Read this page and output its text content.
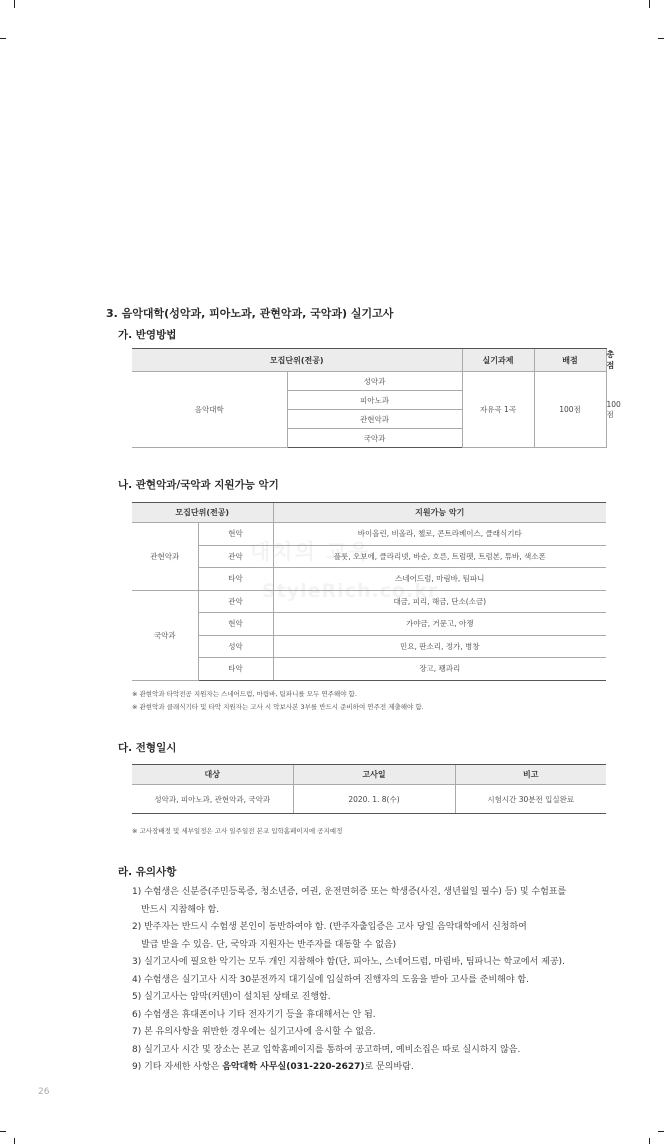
3. 음악대학(성악과, 피아노과, 관현악과, 국악과) 실기고사
가. 반영방법
모집단위(전공)		실기과제	배점	총점
음악대학	성악과	자유곡 1곡	100점	100점
	피아노과			
	관현악과			
	국악과			
나. 관현악과/국악과 지원가능 악기
모집단위(전공)		지원가능 악기
관현악과	현악	바이올린, 비올라, 첼로, 콘트라베이스, 클래식기타
	관악	플룻, 오보에, 클라리넷, 바순, 호른, 트럼펫, 트럼본, 튜바, 색소폰
	타악	스네어드럼, 마림바, 팀파니
국악과	관악	대금, 피리, 해금, 단소(소금)
	현악	가야금, 거문고, 아쟁
	성악	민요, 판소리, 정가, 병창
	타악	장고, 꽹과리
※ 관현악과 타악전공 지원자는 스네어드럼, 마림바, 팀파니를 모두 연주해야 함.
※ 관현악과 클래식기타 및 타악 지원자는 고사 시 악보사본 3부를 반드시 준비하여 연주전 제출해야 함.
대치의 교육
StyleRich.co.kr
다. 전형일시
대상	고사일	비고
성악과, 피아노과, 관현악과, 국악과	2020. 1. 8(수)	시험시간 30분전 입실완료
※ 고사장배정 및 세부일정은 고사 일주일전 본교 입학홈페이지에 공지예정
라. 유의사항
1) 수험생은 신분증(주민등록증, 청소년증, 여권, 운전면허증 또는 학생증(사진, 생년월일 필수) 등) 및 수험표를
반드시 지참해야 함.
2) 반주자는 반드시 수험생 본인이 동반하여야 함. (반주자출입증은 고사 당일 음악대학에서 신청하여
발급 받을 수 있음. 단, 국악과 지원자는 반주자를 대동할 수 없음)
3) 실기고사에 필요한 악기는 모두 개인 지참해야 함(단, 피아노, 스네어드럼, 마림바, 팀파니는 학교에서 제공).
4) 수험생은 실기고사 시작 30분전까지 대기실에 입실하여 진행자의 도움을 받아 고사를 준비해야 함.
5) 실기고사는 암막(커텐)이 설치된 상태로 진행함.
6) 수험생은 휴대폰이나 기타 전자기기 등을 휴대해서는 안 됨.
7) 본 유의사항을 위반한 경우에는 실기고사에 응시할 수 없음.
8) 실기고사 시간 및 장소는 본교 입학홈페이지를 통하여 공고하며, 예비소집은 따로 실시하지 않음.
9) 기타 자세한 사항은 음악대학 사무실(031-220-2627)로 문의바람.
26
